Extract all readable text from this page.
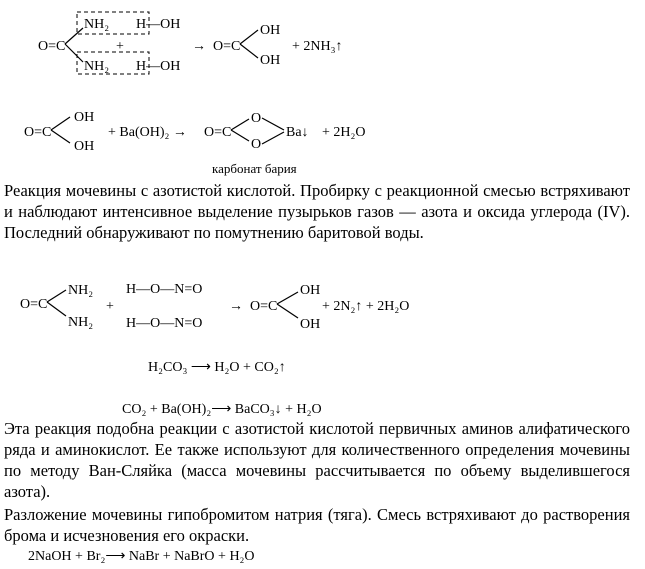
O=C
NH₂ H—OH
+
NH₂ H—OH
→ O=C
OH
OH
+ 2NH₃↑
O=C
OH
OH
+ Ba(OH)₂ → O=C
O
O
Ba↓ + 2H₂O
карбонат бария
Реакция мочевины с азотистой кислотой. Пробирку с реакционной смесью встряхивают и наблюдают интенсивное выделение пузырьков газов — азота и оксида углерода (IV). Последний обнаруживают по помутнению баритовой воды.
O=C
NH₂
NH₂
+
H—O—N=O
H—O—N=O
→ O=C
OH
OH
+ 2N₂↑ + 2H₂O
H₂CO₃ ⟶ H₂O + CO₂↑
CO₂ + Ba(OH)₂⟶ BaCO₃↓ + H₂O
Эта реакция подобна реакции с азотистой кислотой первичных аминов алифатического ряда и аминокислот. Ее также используют для количественного определения мочевины по методу Ван-Сляйка (масса мочевины рассчитывается по объему выделившегося азота).
Разложение мочевины гипобромитом натрия (тяга). Смесь встряхивают до растворения брома и исчезновения его окраски.
2NaOH + Br₂⟶ NaBr + NaBrO + H₂O
